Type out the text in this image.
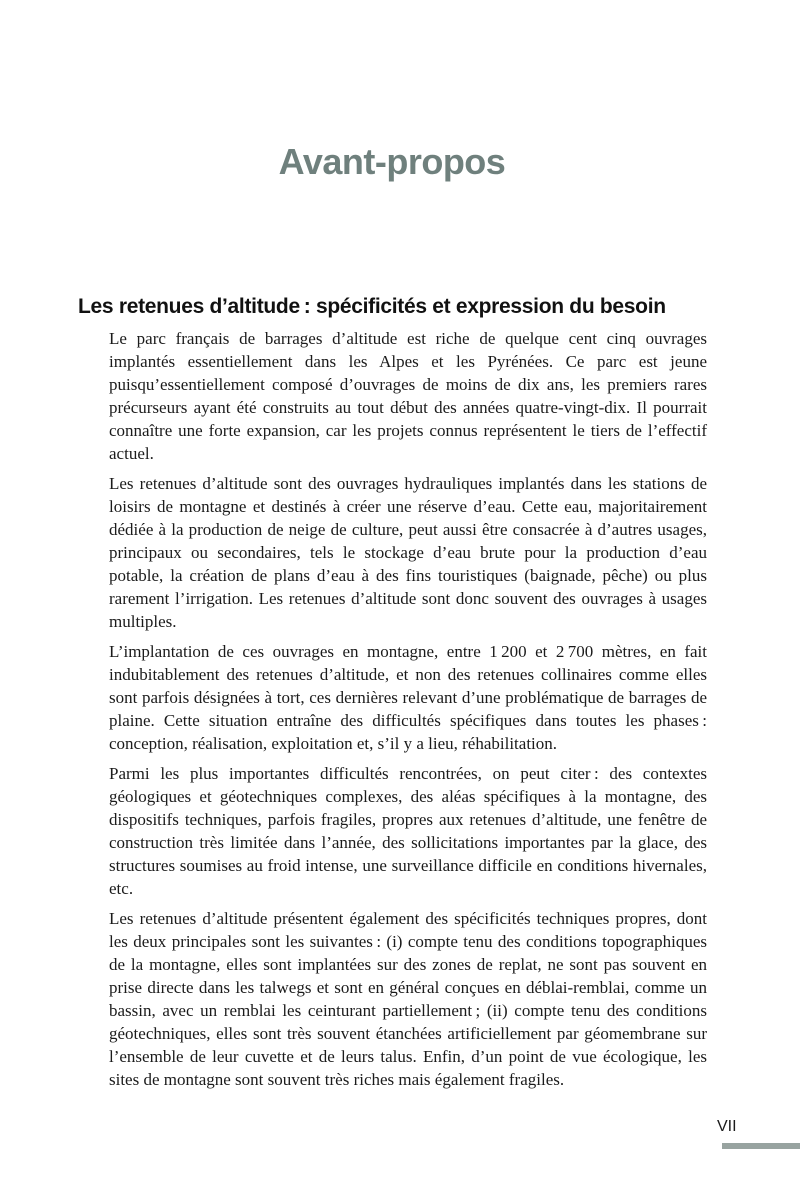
Avant-propos
Les retenues d’altitude : spécificités et expression du besoin

Le parc français de barrages d’altitude est riche de quelque cent cinq ouvrages implantés essentiellement dans les Alpes et les Pyrénées. Ce parc est jeune puisqu’essentiellement composé d’ouvrages de moins de dix ans, les premiers rares précurseurs ayant été construits au tout début des années quatre-vingt-dix. Il pourrait connaître une forte expansion, car les projets connus représentent le tiers de l’effectif actuel.

Les retenues d’altitude sont des ouvrages hydrauliques implantés dans les stations de loisirs de montagne et destinés à créer une réserve d’eau. Cette eau, majoritairement dédiée à la production de neige de culture, peut aussi être consacrée à d’autres usages, principaux ou secondaires, tels le stockage d’eau brute pour la production d’eau potable, la création de plans d’eau à des fins touristiques (baignade, pêche) ou plus rarement l’irrigation. Les retenues d’altitude sont donc souvent des ouvrages à usages multiples.

L’implantation de ces ouvrages en montagne, entre 1 200 et 2 700 mètres, en fait indubitablement des retenues d’altitude, et non des retenues collinaires comme elles sont parfois désignées à tort, ces dernières relevant d’une problématique de barrages de plaine. Cette situation entraîne des difficultés spécifiques dans toutes les phases : conception, réalisation, exploitation et, s’il y a lieu, réhabilitation.

Parmi les plus importantes difficultés rencontrées, on peut citer : des contextes géologiques et géotechniques complexes, des aléas spécifiques à la montagne, des dispositifs techniques, parfois fragiles, propres aux retenues d’altitude, une fenêtre de construction très limitée dans l’année, des sollicitations importantes par la glace, des structures soumises au froid intense, une surveillance difficile en conditions hivernales, etc.

Les retenues d’altitude présentent également des spécificités techniques propres, dont les deux principales sont les suivantes : (i) compte tenu des conditions topographiques de la montagne, elles sont implantées sur des zones de replat, ne sont pas souvent en prise directe dans les talwegs et sont en général conçues en déblai-remblai, comme un bassin, avec un remblai les ceinturant partiellement ; (ii) compte tenu des conditions géotechniques, elles sont très souvent étanchées artificiellement par géomembrane sur l’ensemble de leur cuvette et de leurs talus. Enfin, d’un point de vue écologique, les sites de montagne sont souvent très riches mais également fragiles.

VII
